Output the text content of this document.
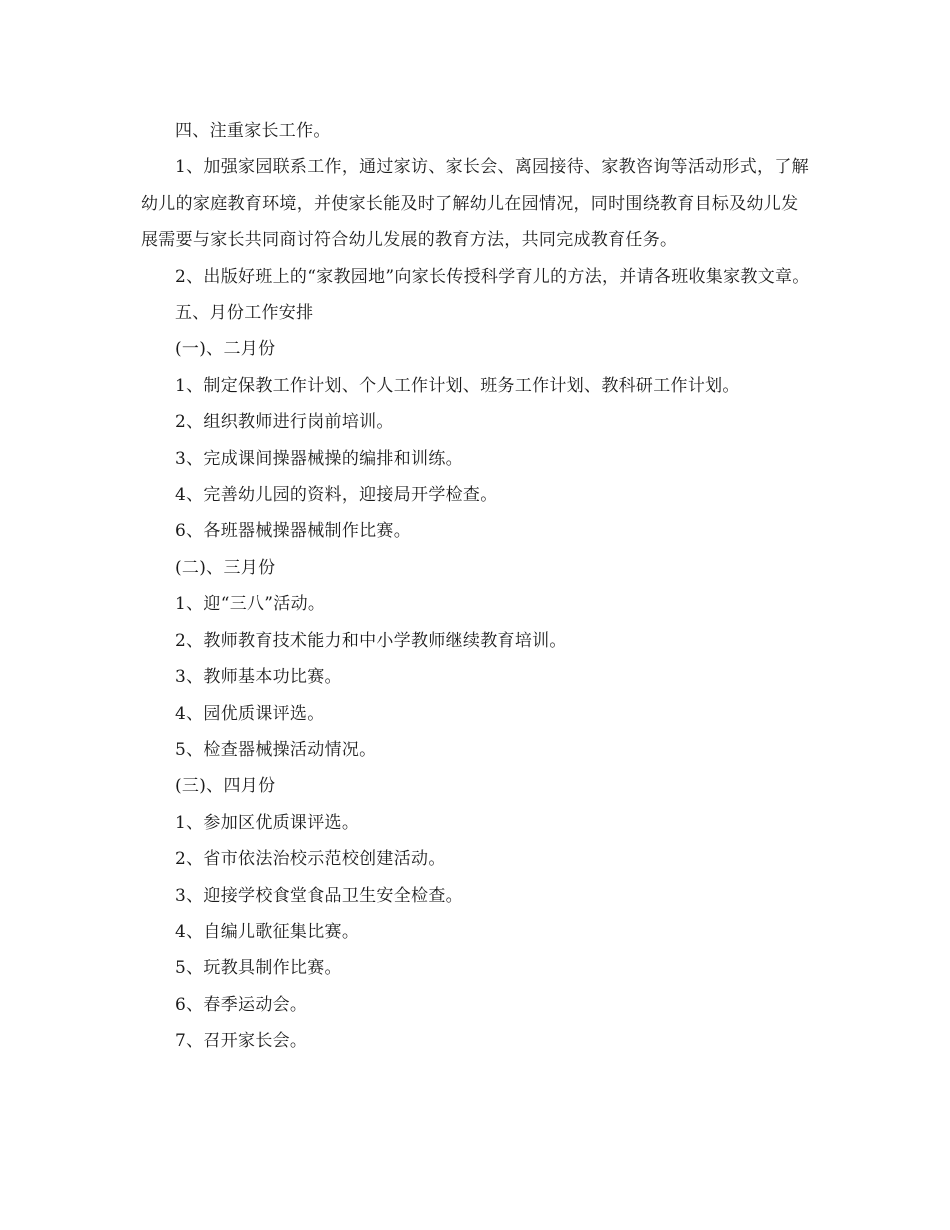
四、注重家长工作。

1、加强家园联系工作，通过家访、家长会、离园接待、家教咨询等活动形式，了解幼儿的家庭教育环境，并使家长能及时了解幼儿在园情况，同时围绕教育目标及幼儿发展需要与家长共同商讨符合幼儿发展的教育方法，共同完成教育任务。

2、出版好班上的“家教园地”向家长传授科学育儿的方法，并请各班收集家教文章。

五、月份工作安排

(一)、二月份

1、制定保教工作计划、个人工作计划、班务工作计划、教科研工作计划。

2、组织教师进行岗前培训。

3、完成课间操器械操的编排和训练。

4、完善幼儿园的资料，迎接局开学检查。

6、各班器械操器械制作比赛。

(二)、三月份

1、迎“三八”活动。

2、教师教育技术能力和中小学教师继续教育培训。

3、教师基本功比赛。

4、园优质课评选。

5、检查器械操活动情况。

(三)、四月份

1、参加区优质课评选。

2、省市依法治校示范校创建活动。

3、迎接学校食堂食品卫生安全检查。

4、自编儿歌征集比赛。

5、玩教具制作比赛。

6、春季运动会。

7、召开家长会。
